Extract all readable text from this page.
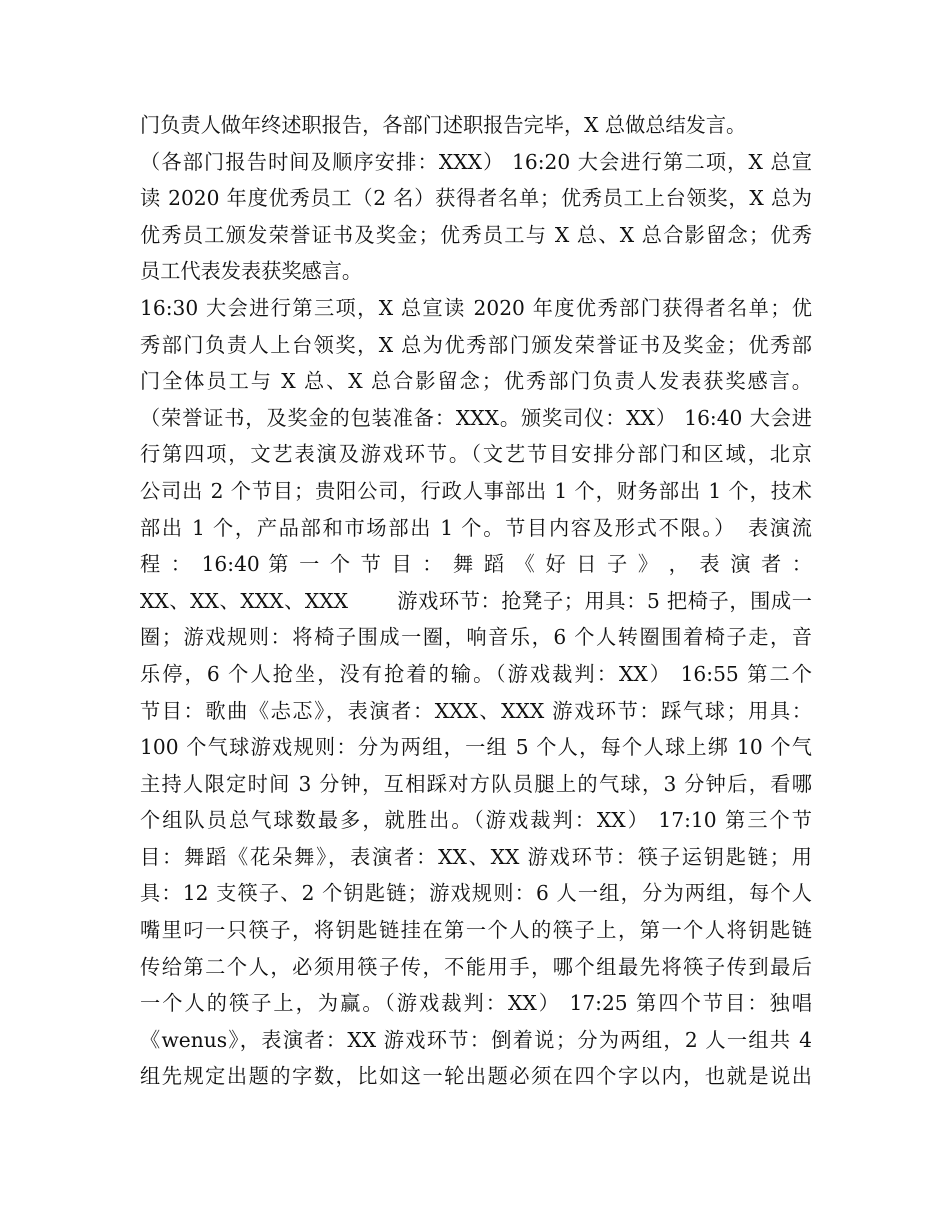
门负责人做年终述职报告，各部门述职报告完毕，X 总做总结发言。
（各部门报告时间及顺序安排：XXX） 16:20 大会进行第二项，X 总宣
读 2020 年度优秀员工（2 名）获得者名单；优秀员工上台领奖，X 总为
优秀员工颁发荣誉证书及奖金；优秀员工与 X 总、X 总合影留念；优秀
员工代表发表获奖感言。
16:30 大会进行第三项，X 总宣读 2020 年度优秀部门获得者名单；优
秀部门负责人上台领奖，X 总为优秀部门颁发荣誉证书及奖金；优秀部
门全体员工与 X 总、X 总合影留念；优秀部门负责人发表获奖感言。
（荣誉证书，及奖金的包装准备：XXX。颁奖司仪：XX） 16:40 大会进
行第四项，文艺表演及游戏环节。（文艺节目安排分部门和区域，北京
公司出 2 个节目；贵阳公司，行政人事部出 1 个，财务部出 1 个，技术
部出 1 个，产品部和市场部出 1 个。节目内容及形式不限。）　表演流
程 ： 16:40 第 一 个 节 目 ： 舞 蹈 《 好 日 子 》 ， 表 演 者 ：
XX、XX、XXX、XXX　　 游戏环节：抢凳子；用具：5 把椅子，围成一
圈；游戏规则：将椅子围成一圈，响音乐，6 个人转圈围着椅子走，音
乐停，6 个人抢坐，没有抢着的输。（游戏裁判：XX） 16:55 第二个
节目：歌曲《忐忑》，表演者：XXX、XXX 游戏环节：踩气球；用具：
100 个气球游戏规则：分为两组，一组 5 个人，每个人球上绑 10 个气
主持人限定时间 3 分钟，互相踩对方队员腿上的气球，3 分钟后，看哪
个组队员总气球数最多，就胜出。（游戏裁判：XX） 17:10 第三个节
目：舞蹈《花朵舞》，表演者：XX、XX 游戏环节：筷子运钥匙链；用
具：12 支筷子、2 个钥匙链；游戏规则：6 人一组，分为两组，每个人
嘴里叼一只筷子，将钥匙链挂在第一个人的筷子上，第一个人将钥匙链
传给第二个人，必须用筷子传，不能用手，哪个组最先将筷子传到最后
一个人的筷子上，为赢。（游戏裁判：XX） 17:25 第四个节目：独唱
《wenus》，表演者：XX 游戏环节：倒着说；分为两组，2 人一组共 4
组先规定出题的字数，比如这一轮出题必须在四个字以内，也就是说出
